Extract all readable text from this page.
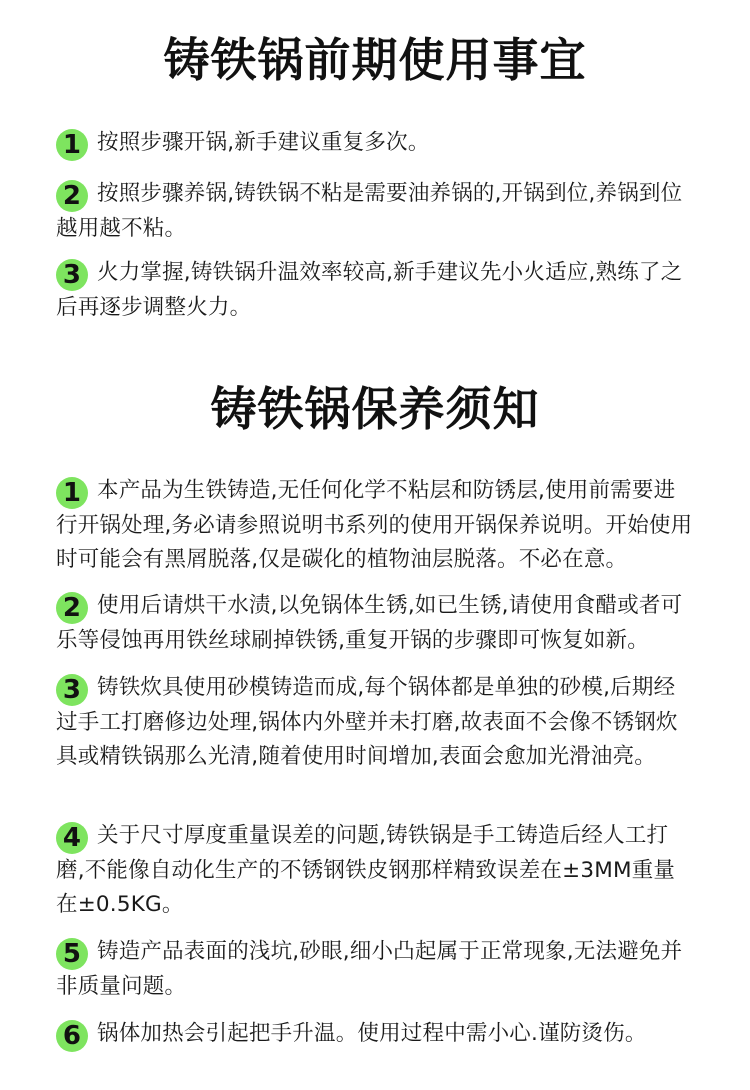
铸铁锅前期使用事宜
1 按照步骤开锅,新手建议重复多次。
2 按照步骤养锅,铸铁锅不粘是需要油养锅的,开锅到位,养锅到位越用越不粘。
3 火力掌握,铸铁锅升温效率较高,新手建议先小火适应,熟练了之后再逐步调整火力。
铸铁锅保养须知
1 本产品为生铁铸造,无任何化学不粘层和防锈层,使用前需要进行开锅处理,务必请参照说明书系列的使用开锅保养说明。开始使用时可能会有黑屑脱落,仅是碳化的植物油层脱落。不必在意。
2 使用后请烘干水渍,以免锅体生锈,如已生锈,请使用食醋或者可乐等侵蚀再用铁丝球刷掉铁锈,重复开锅的步骤即可恢复如新。
3 铸铁炊具使用砂模铸造而成,每个锅体都是单独的砂模,后期经过手工打磨修边处理,锅体内外壁并未打磨,故表面不会像不锈钢炊具或精铁锅那么光清,随着使用时间增加,表面会愈加光滑油亮。
4 关于尺寸厚度重量误差的问题,铸铁锅是手工铸造后经人工打磨,不能像自动化生产的不锈钢铁皮钢那样精致误差在±3MM重量在±0.5KG。
5 铸造产品表面的浅坑,砂眼,细小凸起属于正常现象,无法避免并非质量问题。
6 锅体加热会引起把手升温。使用过程中需小心.谨防烫伤。
